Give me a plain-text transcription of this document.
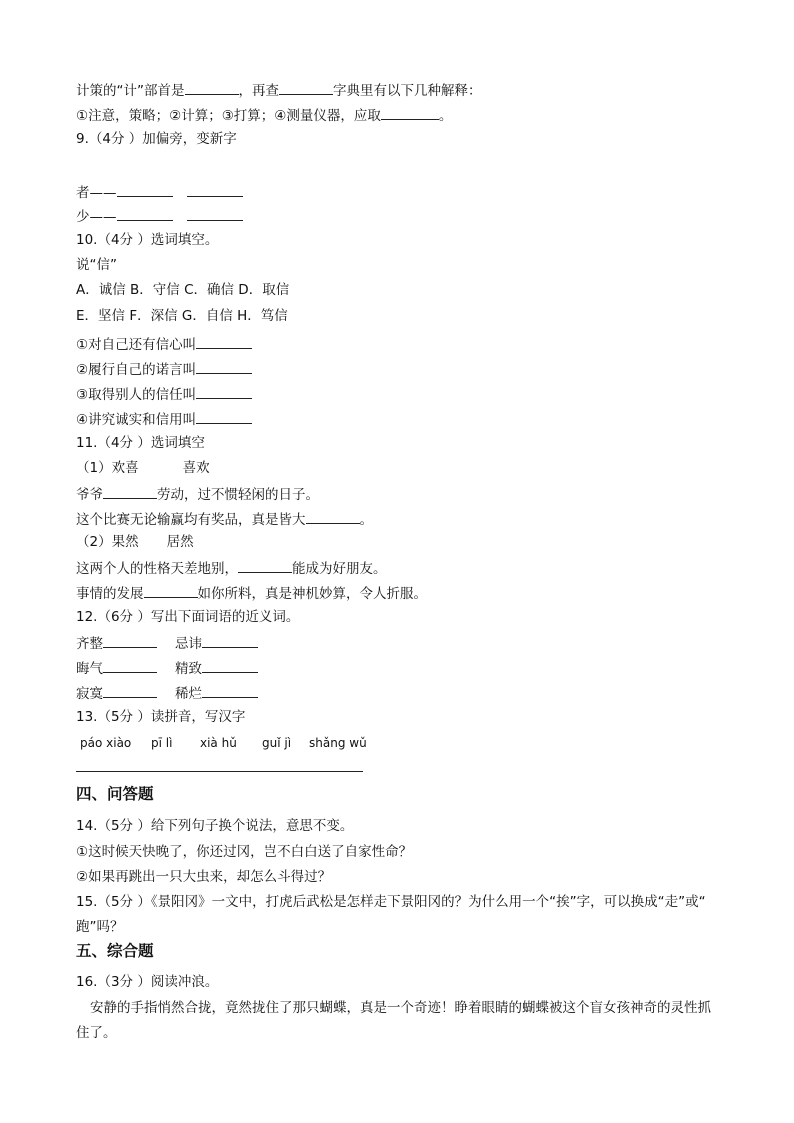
计策的“计”部首是	，再查	字典里有以下几种解释：
①注意，策略；②计算；③打算；④测量仪器，应取	。
9.（4分 ）加偏旁，变新字
者——
少——
10.（4分 ）选词填空。
说“信”
A．诚信 B．守信 C．确信 D．取信
E．坚信 F．深信 G．自信 H．笃信
①对自己还有信心叫
②履行自己的诺言叫
③取得别人的信任叫
④讲究诚实和信用叫
11.（4分 ）选词填空
（1）欢喜	喜欢
爷爷	劳动，过不惯轻闲的日子。
这个比赛无论输赢均有奖品，真是皆大	。
（2）果然 居然
这两个人的性格天差地别，	能成为好朋友。
事情的发展	如你所料，真是神机妙算，令人折服。
12.（6分 ）写出下面词语的近义词。
齐整	忌讳
晦气	精致
寂寞	稀烂
13.（5分 ）读拼音，写汉字
páo xiào pī lì xià hǔ guǐ jì shǎng wǔ
四、问答题
14.（5分 ）给下列句子换个说法，意思不变。
①这时候天快晚了，你还过冈，岂不白白送了自家性命？
②如果再跳出一只大虫来，却怎么斗得过？
15.（5分 ）《景阳冈》一文中，打虎后武松是怎样走下景阳冈的？为什么用一个“挨”字，可以换成“走”或“
跑”吗？
五、综合题
16.（3分 ）阅读冲浪。
安静的手指悄然合拢，竟然拢住了那只蝴蝶，真是一个奇迹！睁着眼睛的蝴蝶被这个盲女孩神奇的灵性抓住了。
